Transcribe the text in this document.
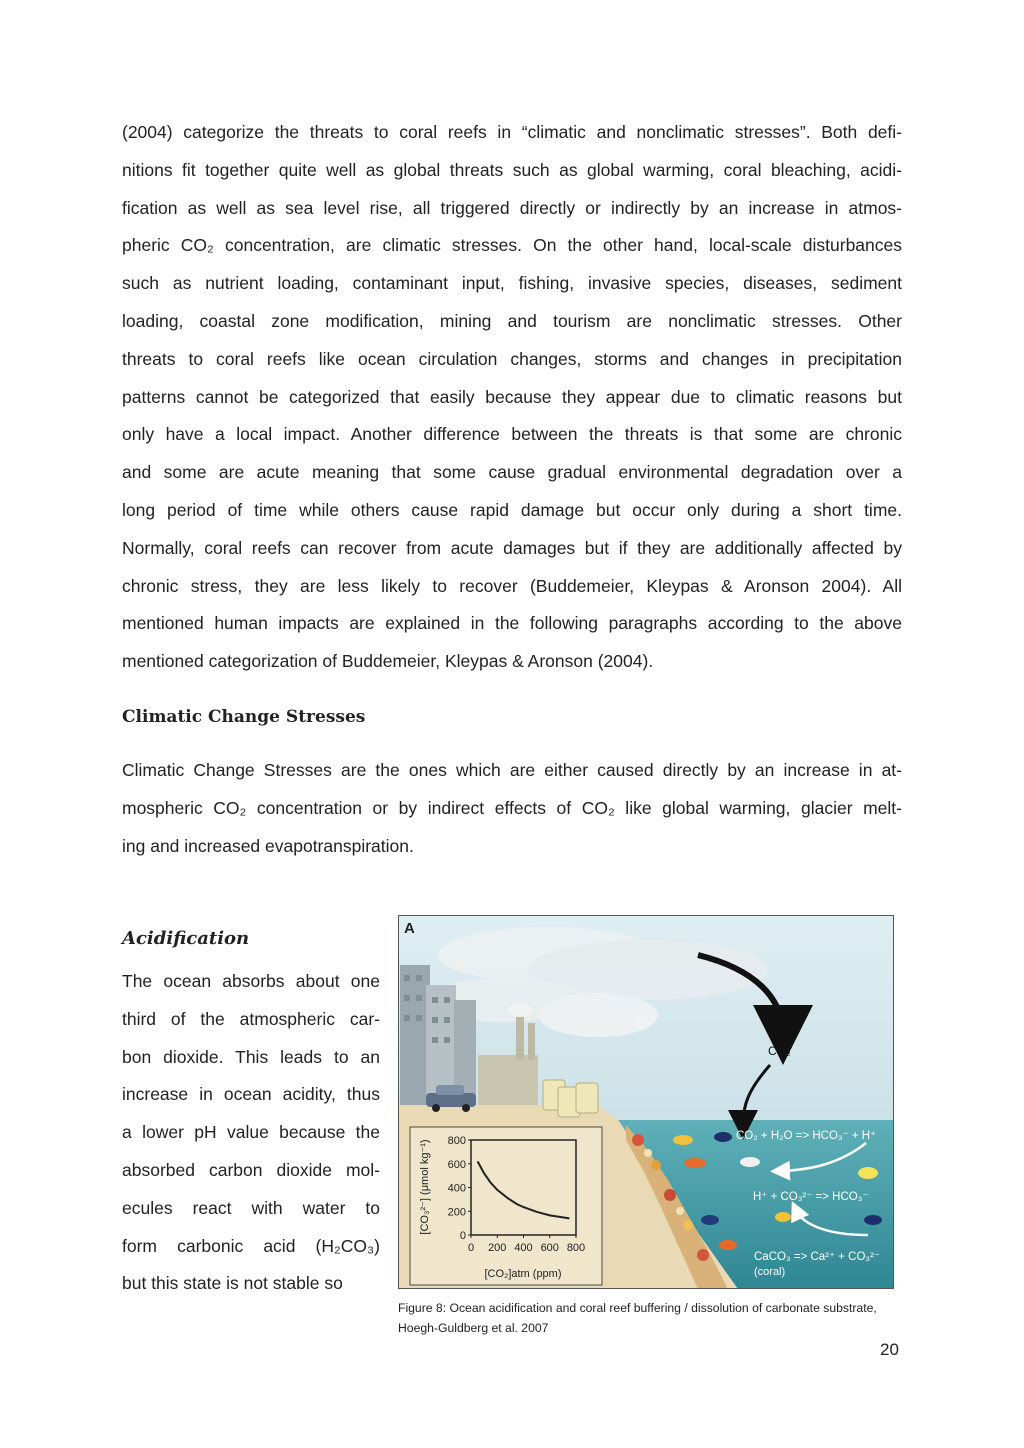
(2004) categorize the threats to coral reefs in “climatic and nonclimatic stresses”. Both defi-
nitions fit together quite well as global threats such as global warming, coral bleaching, acidi-
fication as well as sea level rise, all triggered directly or indirectly by an increase in atmos-
pheric CO₂ concentration, are climatic stresses. On the other hand, local-scale disturbances
such as nutrient loading, contaminant input, fishing, invasive species, diseases, sediment
loading, coastal zone modification, mining and tourism are nonclimatic stresses. Other
threats to coral reefs like ocean circulation changes, storms and changes in precipitation
patterns cannot be categorized that easily because they appear due to climatic reasons but
only have a local impact. Another difference between the threats is that some are chronic
and some are acute meaning that some cause gradual environmental degradation over a
long period of time while others cause rapid damage but occur only during a short time.
Normally, coral reefs can recover from acute damages but if they are additionally affected by
chronic stress, they are less likely to recover (Buddemeier, Kleypas & Aronson 2004). All
mentioned human impacts are explained in the following paragraphs according to the above
mentioned categorization of Buddemeier, Kleypas & Aronson (2004).
Climatic Change Stresses
Climatic Change Stresses are the ones which are either caused directly by an increase in at-
mospheric CO₂ concentration or by indirect effects of CO₂ like global warming, glacier melt-
ing and increased evapotranspiration.
Acidification
The ocean absorbs about one
third of the atmospheric car-
bon dioxide. This leads to an
increase in ocean acidity, thus
a lower pH value because the
absorbed carbon dioxide mol-
ecules react with water to
form carbonic acid (H₂CO₃)
but this state is not stable so
A
CO₂
CO₂ + H₂O => HCO₃⁻ + H⁺
H⁺ + CO₃²⁻ => HCO₃⁻
CaCO₃ => Ca²⁺ + CO₃²⁻
(coral)
0
200
400
600
800
0 200 400 600 800
[CO₂]atm (ppm)
[CO₃²⁻] (μmol kg⁻¹)
Figure 8: Ocean acidification and coral reef buffering / dissolution of carbonate substrate, Hoegh-Guldberg et al. 2007
20
